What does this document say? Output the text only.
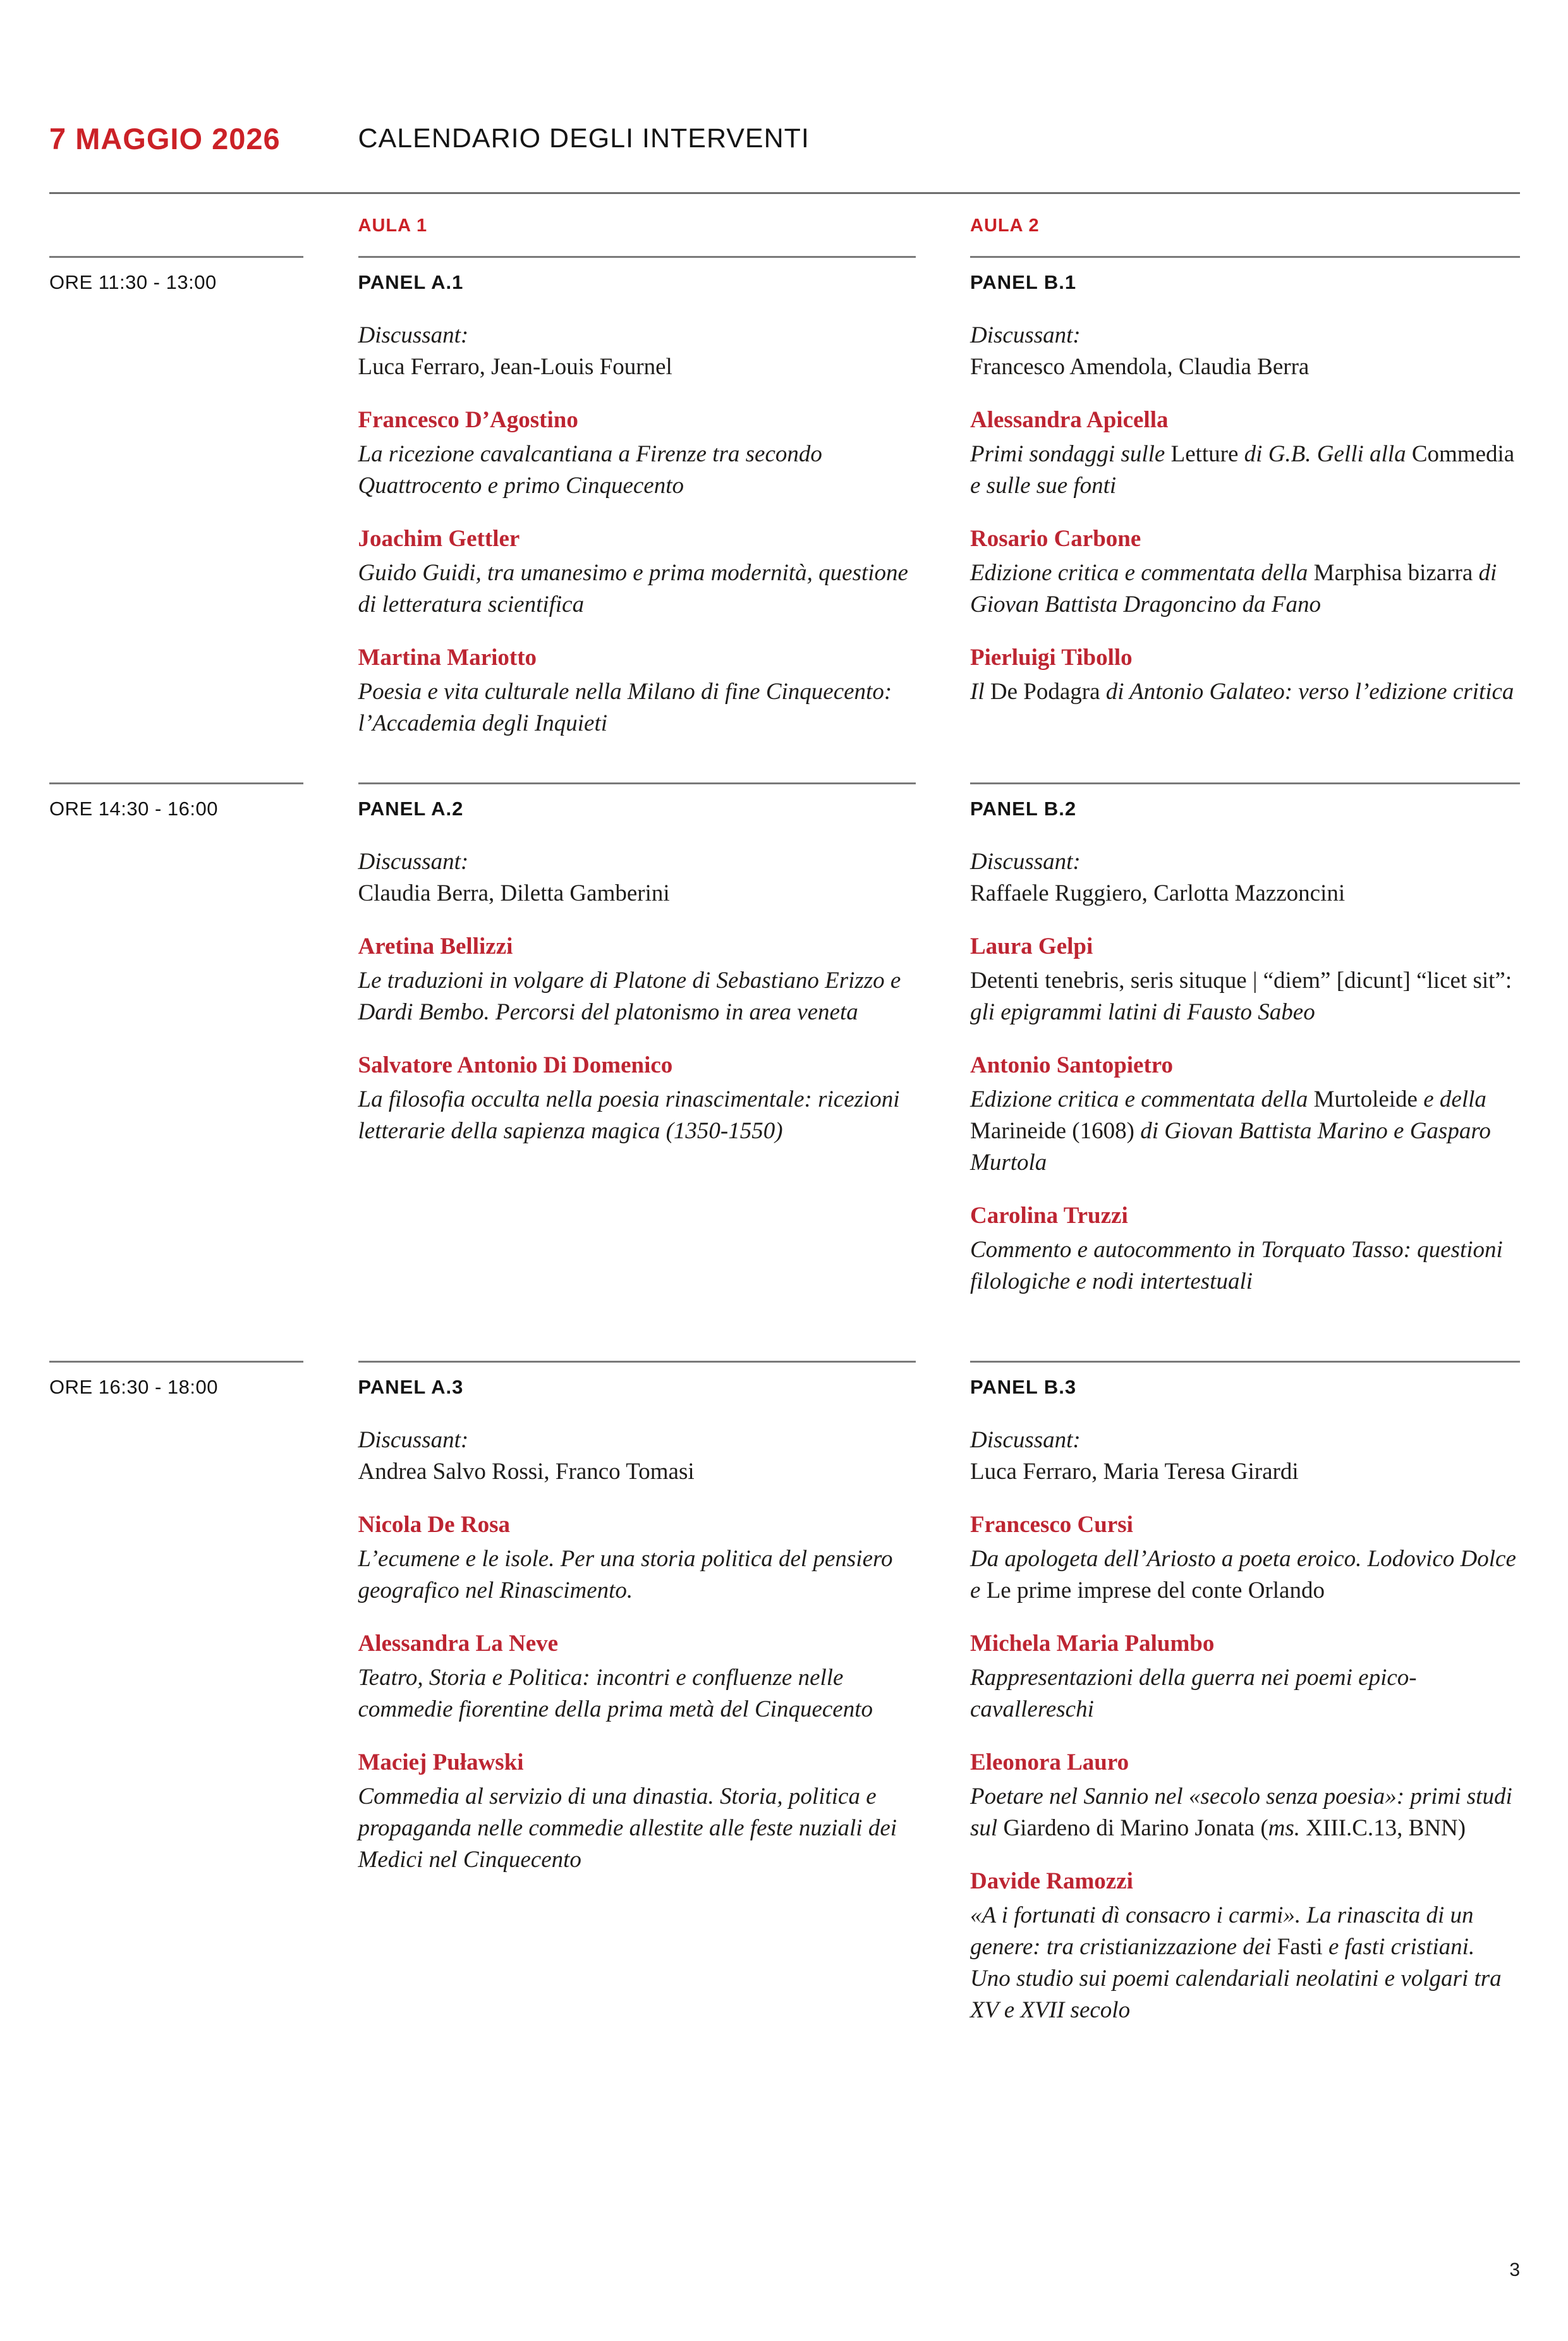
7 MAGGIO 2026	CALENDARIO DEGLI INTERVENTI
AULA 1	AULA 2
ORE 11:30 - 13:00	PANEL A.1
Discussant:
Luca Ferraro, Jean-Louis Fournel
Francesco D’Agostino
La ricezione cavalcantiana a Firenze tra secondo Quattrocento e primo Cinquecento
Joachim Gettler
Guido Guidi, tra umanesimo e prima modernità, questione di letteratura scientifica
Martina Mariotto
Poesia e vita culturale nella Milano di fine Cinquecento: l’Accademia degli Inquieti
PANEL B.1
Discussant:
Francesco Amendola, Claudia Berra
Alessandra Apicella
Primi sondaggi sulle Letture di G.B. Gelli alla Commedia e sulle sue fonti
Rosario Carbone
Edizione critica e commentata della Marphisa bizarra di Giovan Battista Dragoncino da Fano
Pierluigi Tibollo
Il De Podagra di Antonio Galateo: verso l’edizione critica
ORE 14:30 - 16:00	PANEL A.2
Discussant:
Claudia Berra, Diletta Gamberini
Aretina Bellizzi
Le traduzioni in volgare di Platone di Sebastiano Erizzo e Dardi Bembo. Percorsi del platonismo in area veneta
Salvatore Antonio Di Domenico
La filosofia occulta nella poesia rinascimentale: ricezioni letterarie della sapienza magica (1350-1550)
PANEL B.2
Discussant:
Raffaele Ruggiero, Carlotta Mazzoncini
Laura Gelpi
Detenti tenebris, seris situque | “diem” [dicunt] “licet sit”: gli epigrammi latini di Fausto Sabeo
Antonio Santopietro
Edizione critica e commentata della Murtoleide e della Marineide (1608) di Giovan Battista Marino e Gasparo Murtola
Carolina Truzzi
Commento e autocommento in Torquato Tasso: questioni filologiche e nodi intertestuali
ORE 16:30 - 18:00	PANEL A.3
Discussant:
Andrea Salvo Rossi, Franco Tomasi
Nicola De Rosa
L’ecumene e le isole. Per una storia politica del pensiero geografico nel Rinascimento.
Alessandra La Neve
Teatro, Storia e Politica: incontri e confluenze nelle commedie fiorentine della prima metà del Cinquecento
Maciej Puławski
Commedia al servizio di una dinastia. Storia, politica e propaganda nelle commedie allestite alle feste nuziali dei Medici nel Cinquecento
PANEL B.3
Discussant:
Luca Ferraro, Maria Teresa Girardi
Francesco Cursi
Da apologeta dell’Ariosto a poeta eroico. Lodovico Dolce e Le prime imprese del conte Orlando
Michela Maria Palumbo
Rappresentazioni della guerra nei poemi epico-cavallereschi
Eleonora Lauro
Poetare nel Sannio nel «secolo senza poesia»: primi studi sul Giardeno di Marino Jonata (ms. XIII.C.13, BNN)
Davide Ramozzi
«A i fortunati dì consacro i carmi». La rinascita di un genere: tra cristianizzazione dei Fasti e fasti cristiani. Uno studio sui poemi calendariali neolatini e volgari tra XV e XVII secolo
3
